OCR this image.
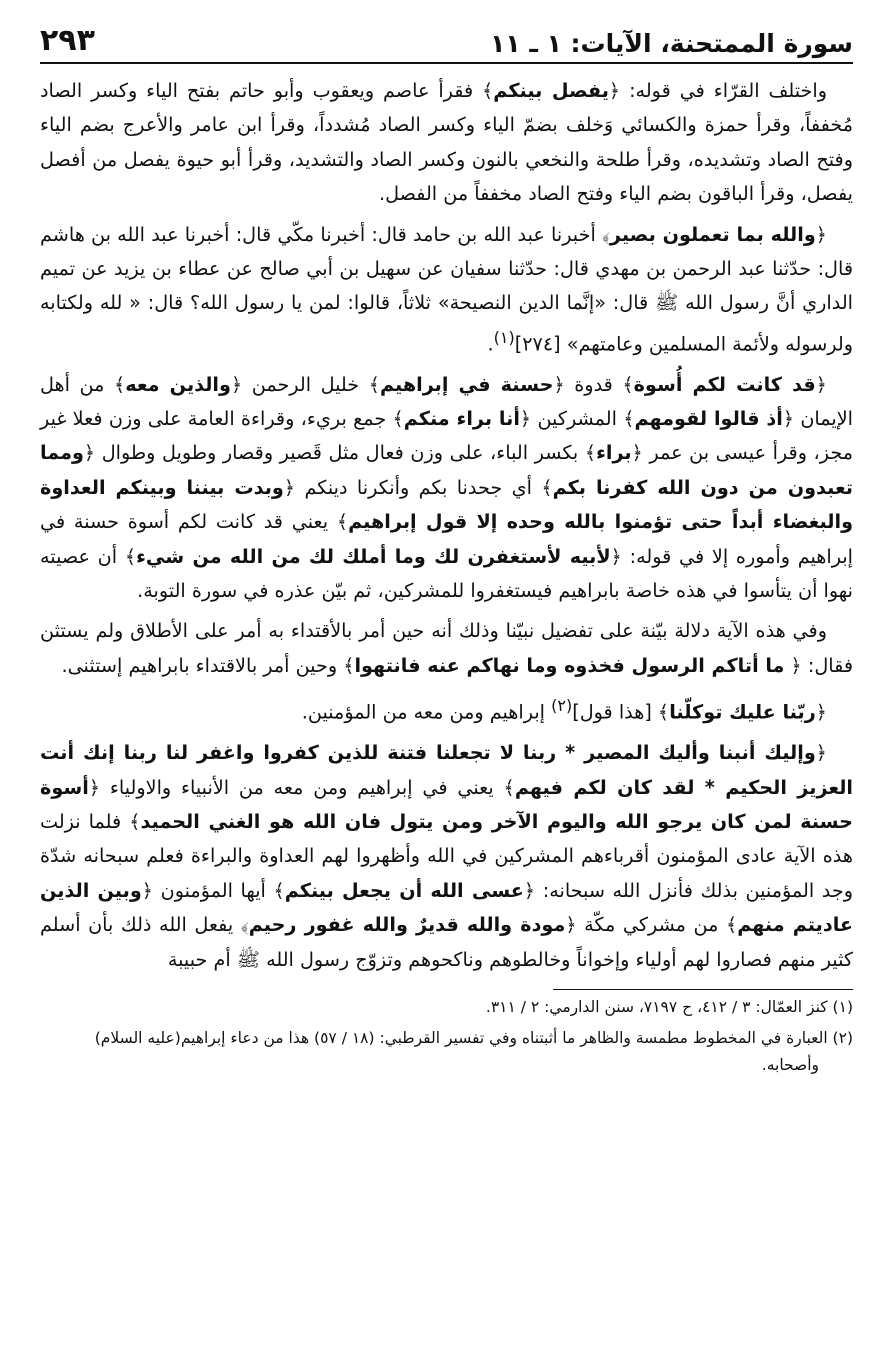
سورة الممتحنة، الآيات: ١ ـ ١١
٢٩٣

واختلف القرّاء في قوله: ﴿يفصل بينكم﴾ فقرأ عاصم ويعقوب وأبو حاتم بفتح الياء وكسر الصاد مُخففاً، وقرأ حمزة والكسائي وَخلف بضمّ الياء وكسر الصاد مُشدداً، وقرأ ابن عامر والأعرج بضم الياء وفتح الصاد وتشديده، وقرأ طلحة والنخعي بالنون وكسر الصاد والتشديد، وقرأ أبو حيوة يفصل من أفصل يفصل، وقرأ الباقون بضم الياء وفتح الصاد مخففاً من الفصل.

﴿والله بما تعملون بصير﴾ أخبرنا عبد الله بن حامد قال: أخبرنا مكّي قال: أخبرنا عبد الله بن هاشم قال: حدّثنا عبد الرحمن بن مهدي قال: حدّثنا سفيان عن سهيل بن أبي صالح عن عطاء بن يزيد عن تميم الداري أنَّ رسول الله ﷺ قال: «إنَّما الدين النصيحة» ثلاثاً، قالوا: لمن يا رسول الله؟ قال: « لله ولكتابه ولرسوله ولأئمة المسلمين وعامتهم» [٢٧٤]$^{(١)}$.

﴿قد كانت لكم أُسوة﴾ قدوة ﴿حسنة في إبراهيم﴾ خليل الرحمن ﴿والذين معه﴾ من أهل الإيمان ﴿أذ قالوا لقومهم﴾ المشركين ﴿أنا براء منكم﴾ جمع بريء، وقراءة العامة على وزن فعلا غير مجز، وقرأ عيسى بن عمر ﴿براء﴾ بكسر الباء، على وزن فعال مثل قَصير وقصار وطويل وطوال ﴿ومما تعبدون من دون الله كفرنا بكم﴾ أي جحدنا بكم وأنكرنا دينكم ﴿وبدت بيننا وبينكم العداوة والبغضاء أبداً حتى تؤمنوا بالله وحده إلا قول إبراهيم﴾ يعني قد كانت لكم أسوة حسنة في إبراهيم وأموره إلا في قوله: ﴿لأبيه لأستغفرن لك وما أملك لك من الله من شيء﴾ أن عصيته نهوا أن يتأسوا في هذه خاصة بابراهيم فيستغفروا للمشركين، ثم بيّن عذره في سورة التوبة.

وفي هذه الآية دلالة بيّنة على تفضيل نبيّنا وذلك أنه حين أمر بالأقتداء به أمر على الأطلاق ولم يستثن فقال: ﴿ ما أتاكم الرسول فخذوه وما نهاكم عنه فانتهوا﴾ وحين أمر بالاقتداء بابراهيم إستثنى.

﴿ربّنا عليك توكلّنا﴾ [هذا قول]$^{(٢)}$ إبراهيم ومن معه من المؤمنين.

﴿وإليك أنبنا وأليك المصير * ربنا لا تجعلنا فتنة للذين كفروا واغفر لنا ربنا إنك أنت العزيز الحكيم * لقد كان لكم فيهم﴾ يعني في إبراهيم ومن معه من الأنبياء والاولياء ﴿أسوة حسنة لمن كان يرجو الله واليوم الآخر ومن يتول فان الله هو الغني الحميد﴾ فلما نزلت هذه الآية عادى المؤمنون أقرباءهم المشركين في الله وأظهروا لهم العداوة والبراءة فعلم سبحانه شدّة وجد المؤمنين بذلك فأنزل الله سبحانه: ﴿عسى الله أن يجعل بينكم﴾ أيها المؤمنون ﴿وبين الذين عاديتم منهم﴾ من مشركي مكّة ﴿مودة والله قديرٌ والله غفور رحيم﴾ يفعل الله ذلك بأن أسلم كثير منهم فصاروا لهم أولياء وإخواناً وخالطوهم وناكحوهم وتزوّج رسول الله ﷺ أم حبيبة

(١) كنز العمّال: ٣ / ٤١٢، ح ٧١٩٧، سنن الدارمي: ٢ / ٣١١.

(٢) العبارة في المخطوط مطمسة والظاهر ما أثبتناه وفي تفسير القرطبي: (١٨ / ٥٧) هذا من دعاء إبراهيم(عليه السلام) وأصحابه.
